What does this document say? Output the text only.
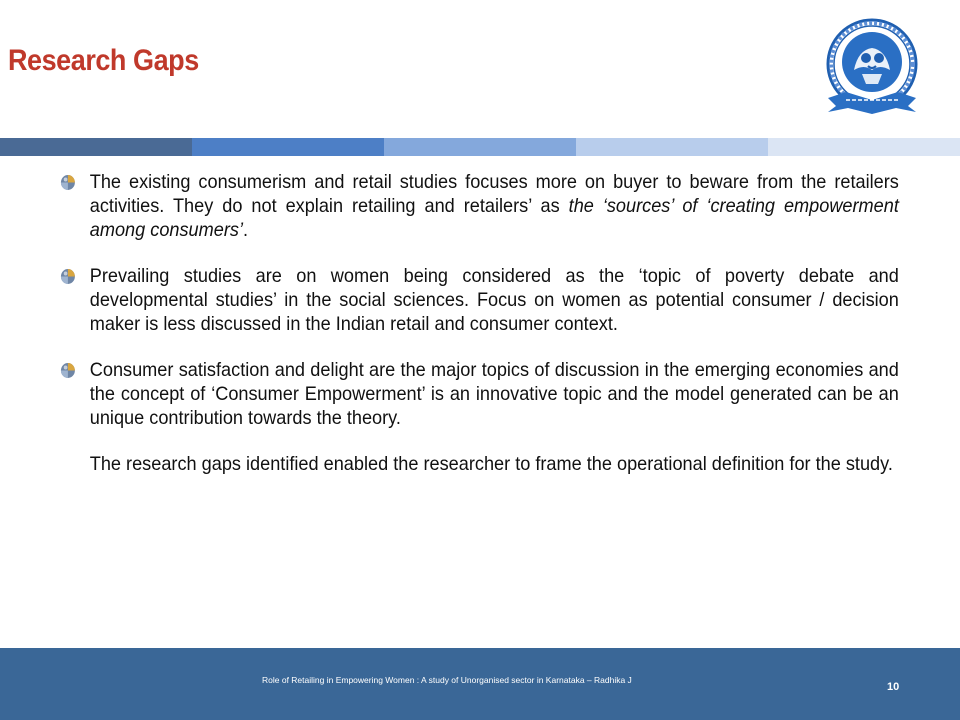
Research Gaps
The existing consumerism and retail studies focuses more on buyer to beware from the retailers activities. They do not explain retailing and retailers’ as the ‘sources’ of ‘creating empowerment among consumers’.
Prevailing studies are on women being considered as the ‘topic of poverty debate and developmental studies’ in the social sciences. Focus on women as potential consumer / decision maker is less discussed in the Indian retail and consumer context.
Consumer satisfaction and delight are the major topics of discussion in the emerging economies and the concept of ‘Consumer Empowerment’ is an innovative topic and the model generated can be an unique contribution towards the theory.
The research gaps identified enabled the researcher to frame the operational definition for the study.
Role of Retailing in Empowering Women : A study of Unorganised sector in Karnataka – Radhika J
10
